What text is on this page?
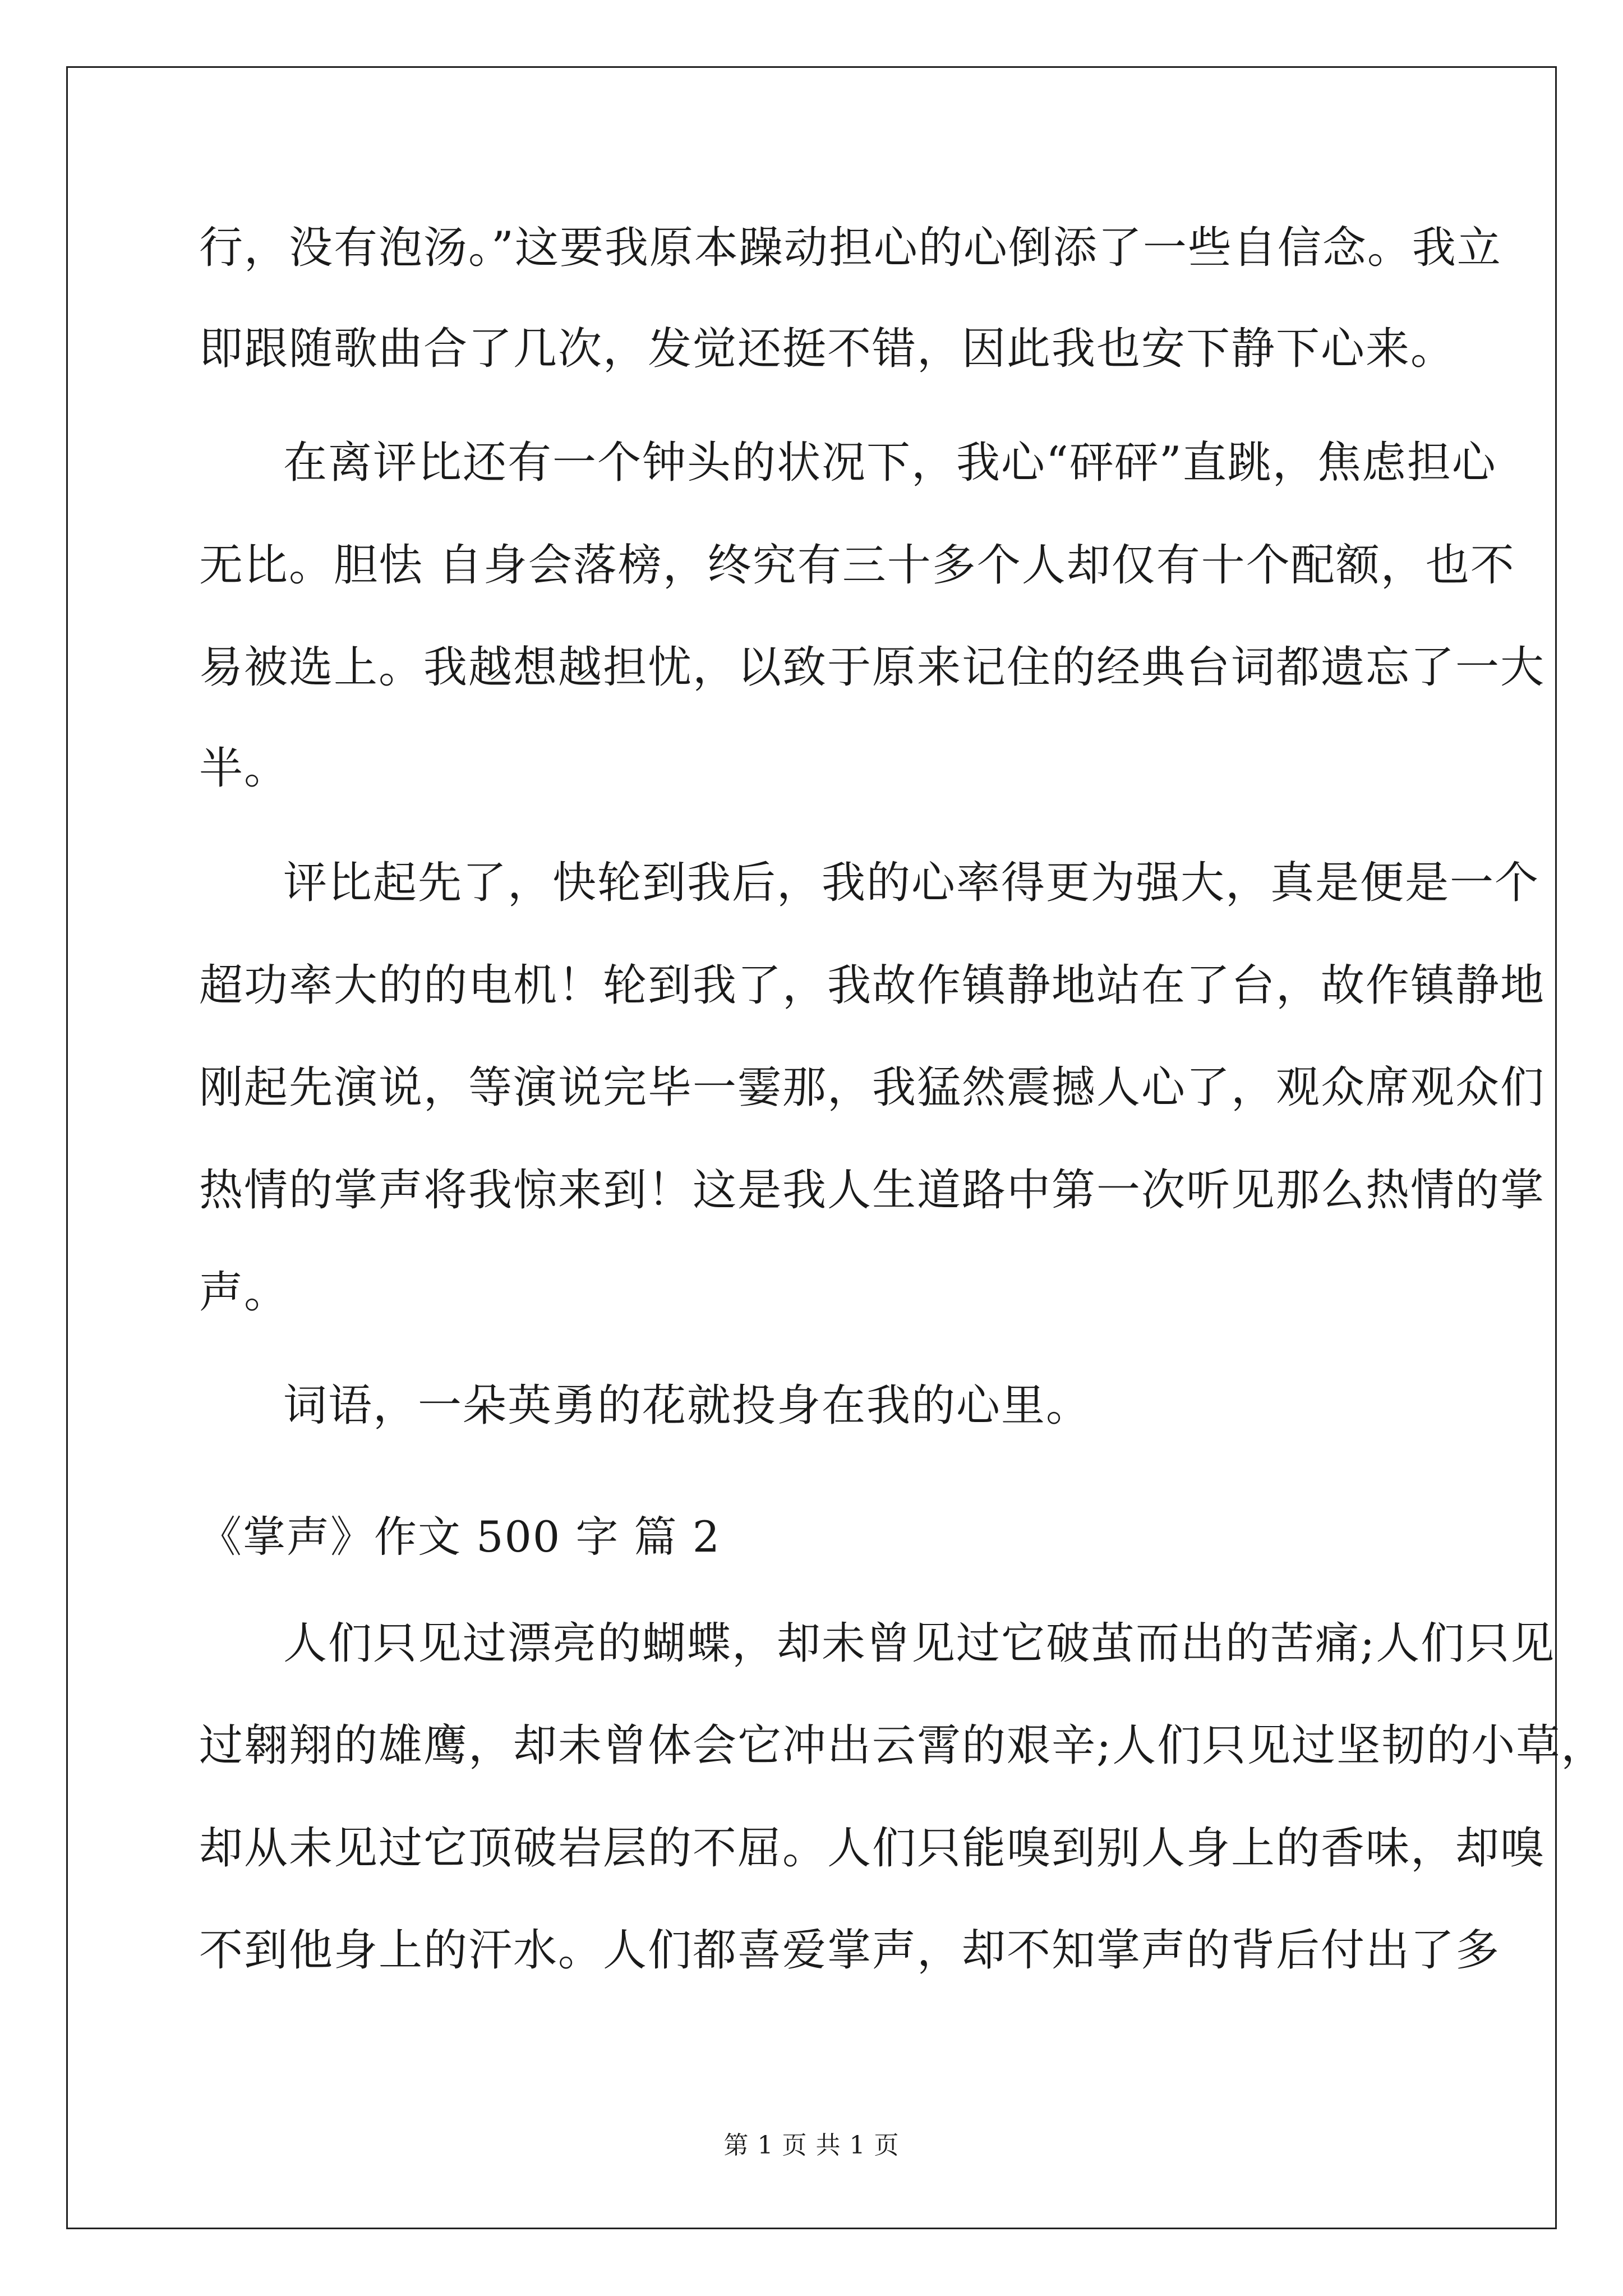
行，没有泡汤。”这要我原本躁动担心的心倒添了一些自信念。我立
即跟随歌曲合了几次，发觉还挺不错，因此我也安下静下心来。
在离评比还有一个钟头的状况下，我心“砰砰”直跳，焦虑担心
无比。胆怯 自身会落榜，终究有三十多个人却仅有十个配额，也不
易被选上。我越想越担忧，以致于原来记住的经典台词都遗忘了一大
半。
评比起先了，快轮到我后，我的心率得更为强大，真是便是一个
超功率大的的电机！轮到我了，我故作镇静地站在了台，故作镇静地
刚起先演说，等演说完毕一霎那，我猛然震撼人心了，观众席观众们
热情的掌声将我惊来到！这是我人生道路中第一次听见那么热情的掌
声。
词语，一朵英勇的花就投身在我的心里。
《掌声》作文 500 字 篇 2
人们只见过漂亮的蝴蝶，却未曾见过它破茧而出的苦痛;人们只见
过翱翔的雄鹰，却未曾体会它冲出云霄的艰辛;人们只见过坚韧的小草，
却从未见过它顶破岩层的不屈。人们只能嗅到别人身上的香味，却嗅
不到他身上的汗水。人们都喜爱掌声，却不知掌声的背后付出了多
第 1 页 共 1 页
